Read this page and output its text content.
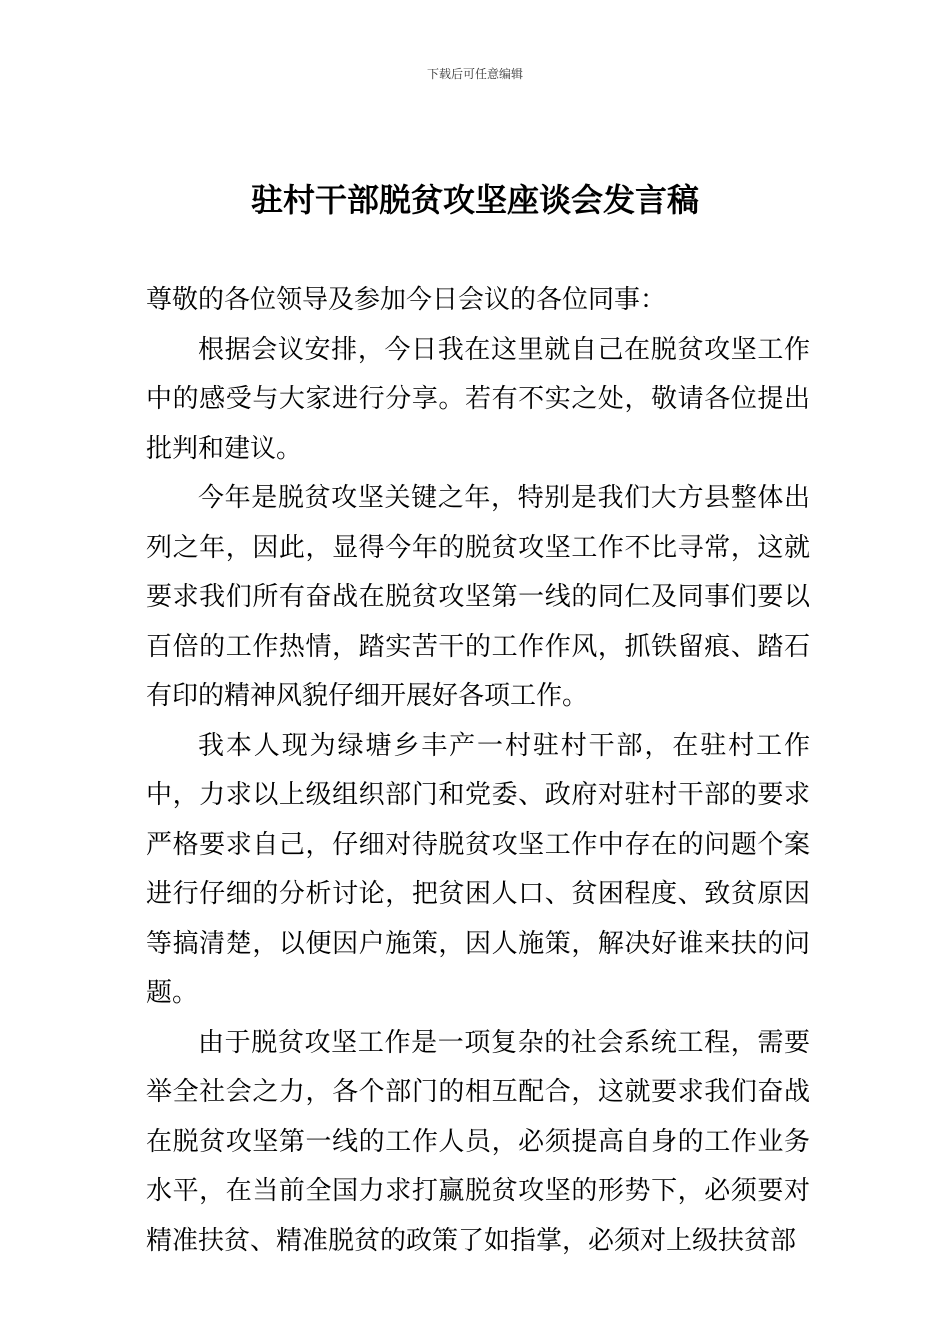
下载后可任意编辑
驻村干部脱贫攻坚座谈会发言稿

尊敬的各位领导及参加今日会议的各位同事：

根据会议安排，今日我在这里就自己在脱贫攻坚工作中的感受与大家进行分享。若有不实之处，敬请各位提出批判和建议。

今年是脱贫攻坚关键之年，特别是我们大方县整体出列之年，因此，显得今年的脱贫攻坚工作不比寻常，这就要求我们所有奋战在脱贫攻坚第一线的同仁及同事们要以百倍的工作热情，踏实苦干的工作作风，抓铁留痕、踏石有印的精神风貌仔细开展好各项工作。

我本人现为绿塘乡丰产一村驻村干部，在驻村工作中，力求以上级组织部门和党委、政府对驻村干部的要求严格要求自己，仔细对待脱贫攻坚工作中存在的问题个案进行仔细的分析讨论，把贫困人口、贫困程度、致贫原因等搞清楚，以便因户施策，因人施策，解决好谁来扶的问题。

由于脱贫攻坚工作是一项复杂的社会系统工程，需要举全社会之力，各个部门的相互配合，这就要求我们奋战在脱贫攻坚第一线的工作人员，必须提高自身的工作业务水平，在当前全国力求打赢脱贫攻坚的形势下，必须要对精准扶贫、精准脱贫的政策了如指掌，必须对上级扶贫部
